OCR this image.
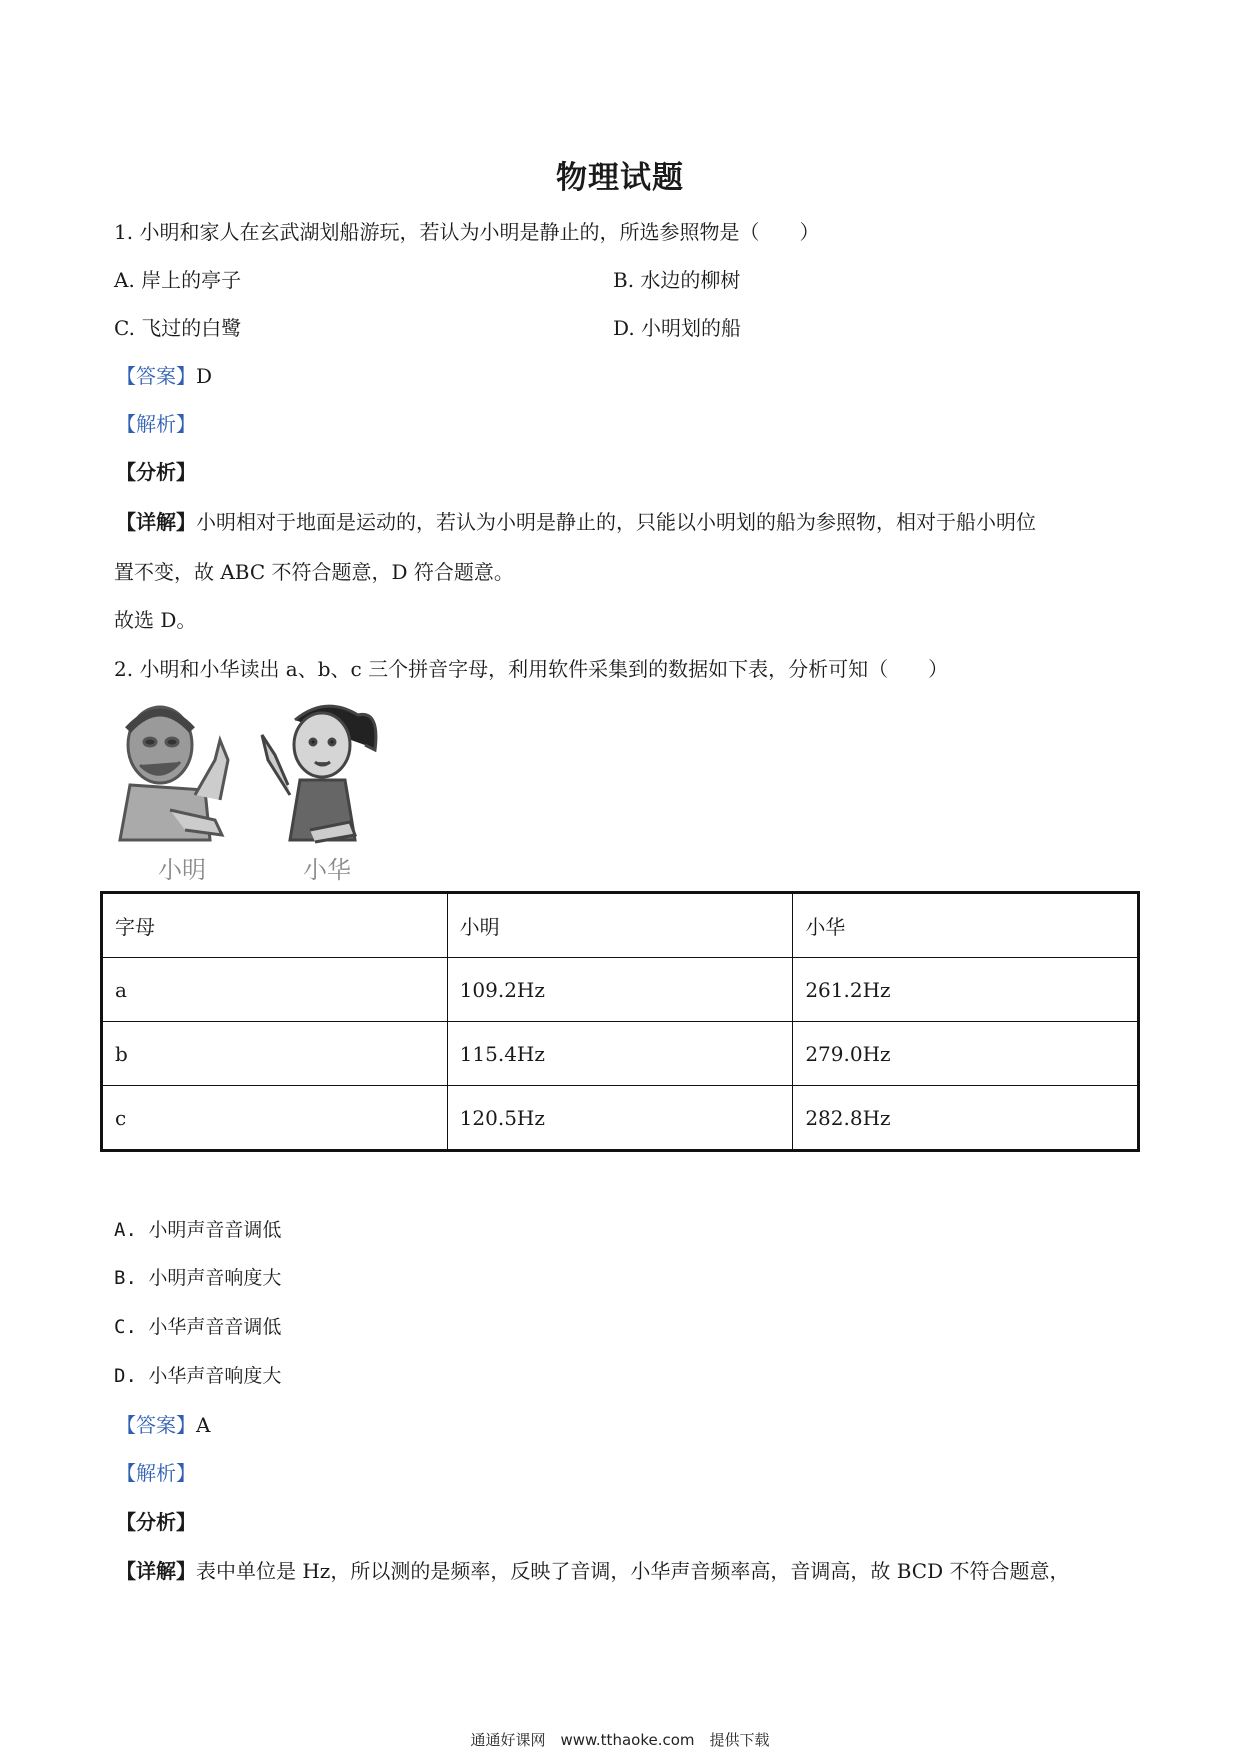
物理试题
1. 小明和家人在玄武湖划船游玩，若认为小明是静止的，所选参照物是（　　）
A. 岸上的亭子	B. 水边的柳树
C. 飞过的白鹭	D. 小明划的船
【答案】D
【解析】
【分析】
【详解】小明相对于地面是运动的，若认为小明是静止的，只能以小明划的船为参照物，相对于船小明位
置不变，故 ABC 不符合题意，D 符合题意。
故选 D。
2. 小明和小华读出 a、b、c 三个拼音字母，利用软件采集到的数据如下表，分析可知（　　）
小明	小华
字母	小明	小华
a	109.2Hz	261.2Hz
b	115.4Hz	279.0Hz
c	120.5Hz	282.8Hz
A. 小明声音音调低
B. 小明声音响度大
C. 小华声音音调低
D. 小华声音响度大
【答案】A
【解析】
【分析】
【详解】表中单位是 Hz，所以测的是频率，反映了音调，小华声音频率高，音调高，故 BCD 不符合题意，
通通好课网　www.tthaoke.com　提供下载
